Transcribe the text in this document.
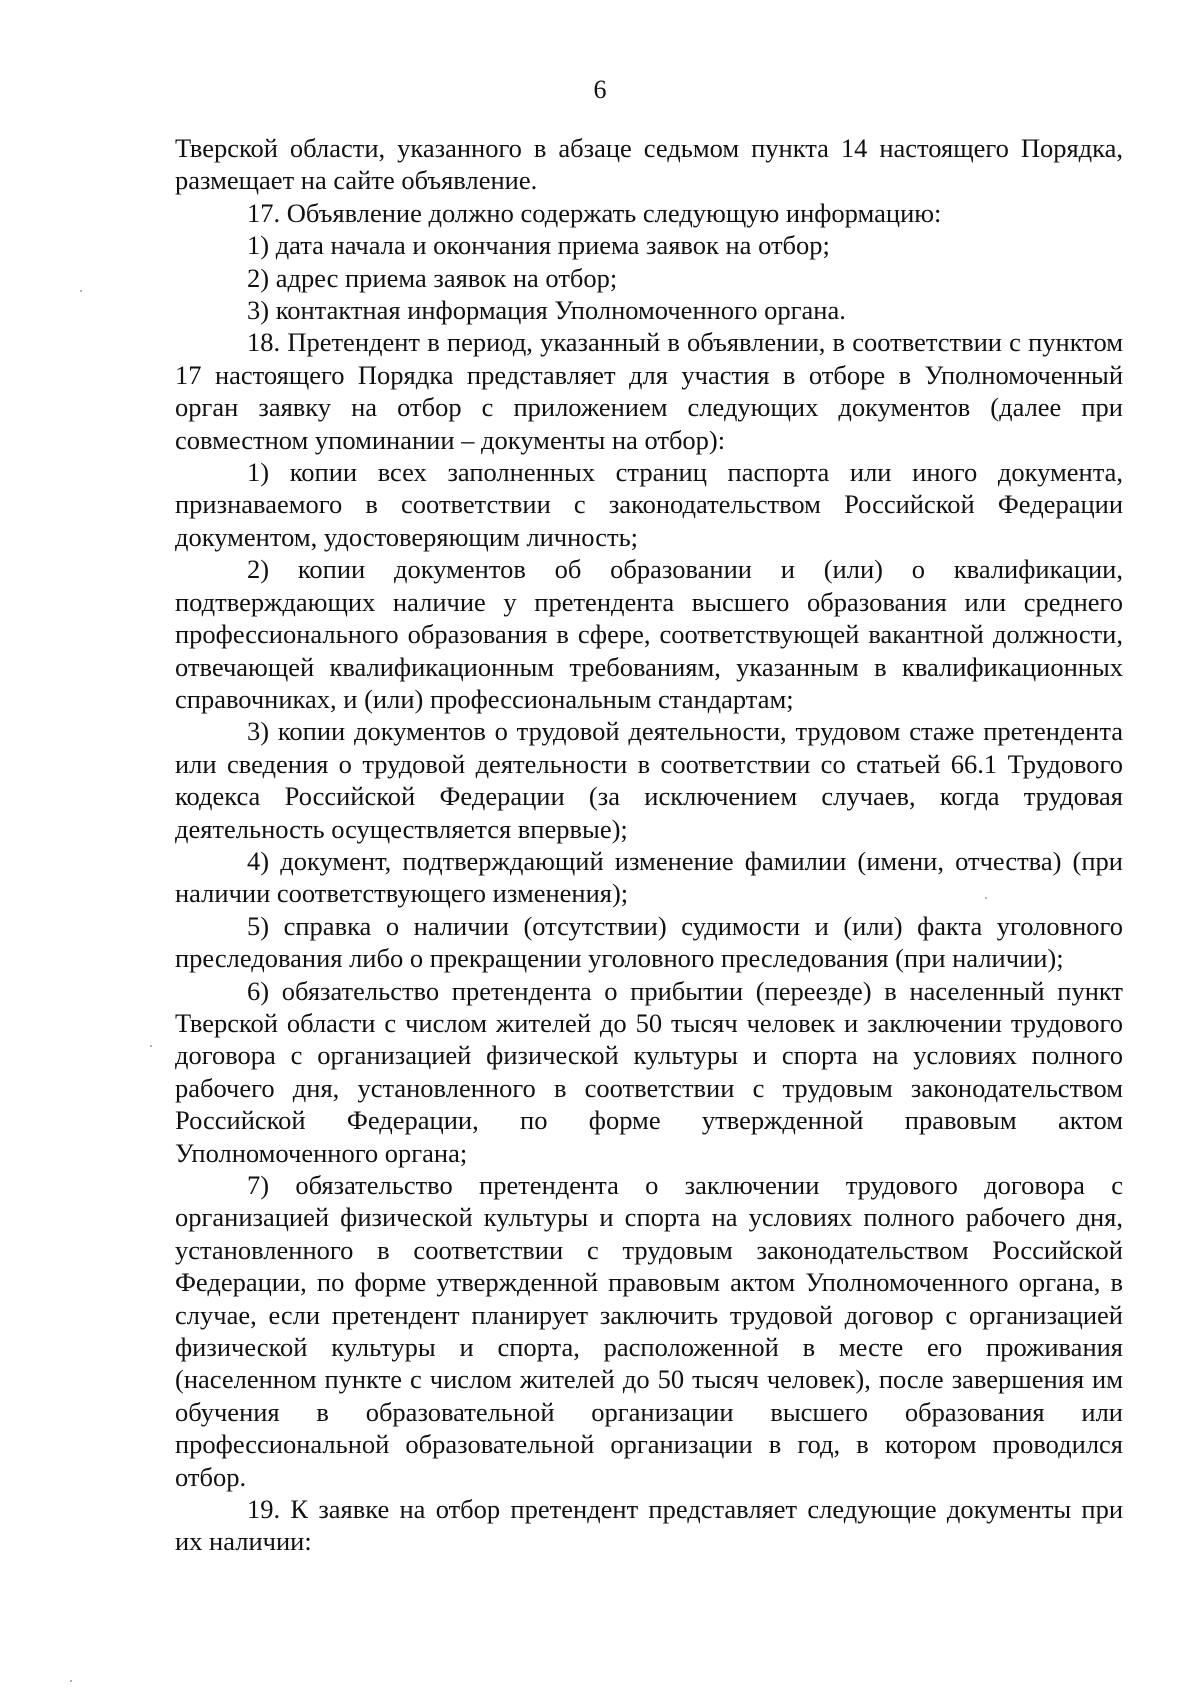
6

Тверской области, указанного в абзаце седьмом пункта 14 настоящего Порядка, размещает на сайте объявление.

17. Объявление должно содержать следующую информацию:

1) дата начала и окончания приема заявок на отбор;

2) адрес приема заявок на отбор;

3) контактная информация Уполномоченного органа.

18. Претендент в период, указанный в объявлении, в соответствии с пунктом 17 настоящего Порядка представляет для участия в отборе в Уполномоченный орган заявку на отбор с приложением следующих документов (далее при совместном упоминании – документы на отбор):

1) копии всех заполненных страниц паспорта или иного документа, признаваемого в соответствии с законодательством Российской Федерации документом, удостоверяющим личность;

2) копии документов об образовании и (или) о квалификации, подтверждающих наличие у претендента высшего образования или среднего профессионального образования в сфере, соответствующей вакантной должности, отвечающей квалификационным требованиям, указанным в квалификационных справочниках, и (или) профессиональным стандартам;

3) копии документов о трудовой деятельности, трудовом стаже претендента или сведения о трудовой деятельности в соответствии со статьей 66.1 Трудового кодекса Российской Федерации (за исключением случаев, когда трудовая деятельность осуществляется впервые);

4) документ, подтверждающий изменение фамилии (имени, отчества) (при наличии соответствующего изменения);

5) справка о наличии (отсутствии) судимости и (или) факта уголовного преследования либо о прекращении уголовного преследования (при наличии);

6) обязательство претендента о прибытии (переезде) в населенный пункт Тверской области с числом жителей до 50 тысяч человек и заключении трудового договора с организацией физической культуры и спорта на условиях полного рабочего дня, установленного в соответствии с трудовым законодательством Российской Федерации, по форме утвержденной правовым актом Уполномоченного органа;

7) обязательство претендента о заключении трудового договора с организацией физической культуры и спорта на условиях полного рабочего дня, установленного в соответствии с трудовым законодательством Российской Федерации, по форме утвержденной правовым актом Уполномоченного органа, в случае, если претендент планирует заключить трудовой договор с организацией физической культуры и спорта, расположенной в месте его проживания (населенном пункте с числом жителей до 50 тысяч человек), после завершения им обучения в образовательной организации высшего образования или профессиональной образовательной организации в год, в котором проводился отбор.

19. К заявке на отбор претендент представляет следующие документы при их наличии:
